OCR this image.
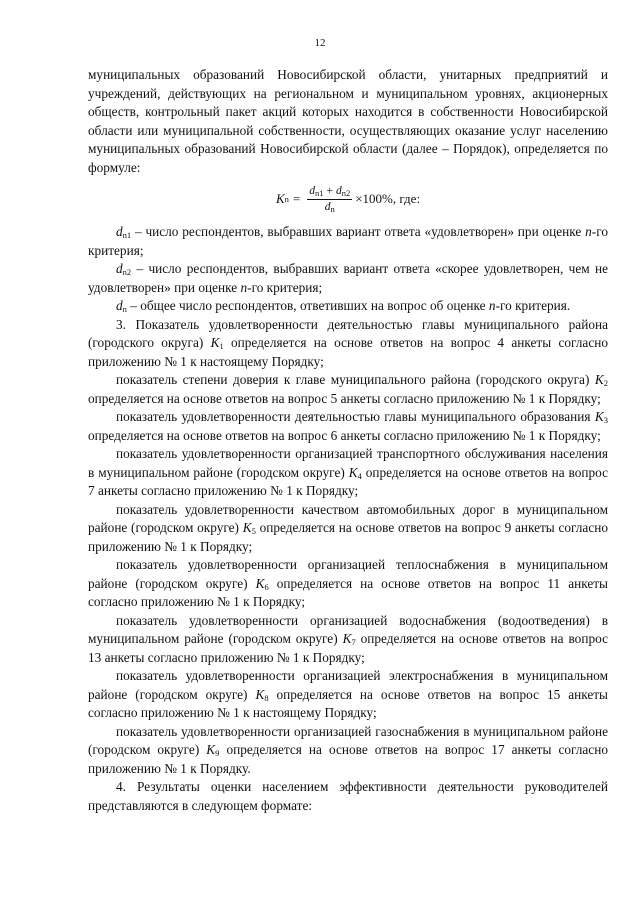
12

муниципальных образований Новосибирской области, унитарных предприятий и учреждений, действующих на региональном и муниципальном уровнях, акционерных обществ, контрольный пакет акций которых находится в собственности Новосибирской области или муниципальной собственности, осуществляющих оказание услуг населению муниципальных образований Новосибирской области (далее – Порядок), определяется по формуле:

K $n = \frac{d_{n1} + d_{n2}}{d_n} \times 100\%$ , где:

$d_{n1}$ – число респондентов, выбравших вариант ответа «удовлетворен» при оценке n-го критерия;

$d_{n2}$ – число респондентов, выбравших вариант ответа «скорее удовлетворен, чем не удовлетворен» при оценке n-го критерия;

$d_n$ – общее число респондентов, ответивших на вопрос об оценке n-го критерия.

3. Показатель удовлетворенности деятельностью главы муниципального района (городского округа) $K_1$ определяется на основе ответов на вопрос 4 анкеты согласно приложению № 1 к настоящему Порядку;

показатель степени доверия к главе муниципального района (городского округа) $K_2$ определяется на основе ответов на вопрос 5 анкеты согласно приложению № 1 к Порядку;

показатель удовлетворенности деятельностью главы муниципального образования $K_3$ определяется на основе ответов на вопрос 6 анкеты согласно приложению № 1 к Порядку;

показатель удовлетворенности организацией транспортного обслуживания населения в муниципальном районе (городском округе) $K_4$ определяется на основе ответов на вопрос 7 анкеты согласно приложению № 1 к Порядку;

показатель удовлетворенности качеством автомобильных дорог в муниципальном районе (городском округе) $K_5$ определяется на основе ответов на вопрос 9 анкеты согласно приложению № 1 к Порядку;

показатель удовлетворенности организацией теплоснабжения в муниципальном районе (городском округе) $K_6$ определяется на основе ответов на вопрос 11 анкеты согласно приложению № 1 к Порядку;

показатель удовлетворенности организацией водоснабжения (водоотведения) в муниципальном районе (городском округе) $K_7$ определяется на основе ответов на вопрос 13 анкеты согласно приложению № 1 к Порядку;

показатель удовлетворенности организацией электроснабжения в муниципальном районе (городском округе) $K_8$ определяется на основе ответов на вопрос 15 анкеты согласно приложению № 1 к настоящему Порядку;

показатель удовлетворенности организацией газоснабжения в муниципальном районе (городском округе) $K_9$ определяется на основе ответов на вопрос 17 анкеты согласно приложению № 1 к Порядку.

4. Результаты оценки населением эффективности деятельности руководителей представляются в следующем формате:
